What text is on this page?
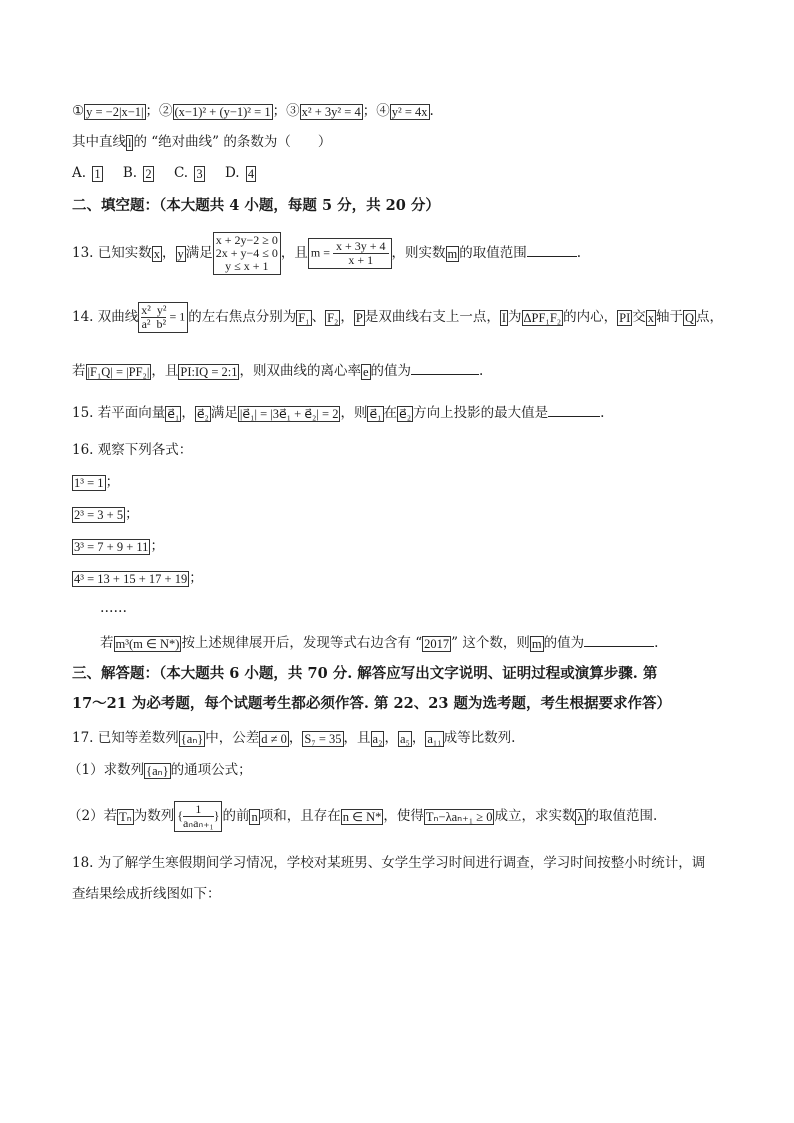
① y = −2|x−1| ；② (x−1)² + (y−1)² = 1 ；③ x² + 3y² = 4 ；④ y² = 4x .
其中直线 l 的 “绝对曲线” 的条数为（　　）
A. 1 B. 2 C. 3 D. 4
二、填空题：（本大题共 4 小题，每题 5 分，共 20 分）
13. 已知实数 x ， y 满足
x + 2y−2 ≥ 0
2x + y−4 ≤ 0
y ≤ x + 1
，且 $m = \frac{x + 3y + 4}{x + 1}$ ，则实数 m 的取值范围	.
14. 双曲线 $\frac{\text{x² y²}}{\text{a² b²}} = 1$ 的左右焦点分别为 F₁ 、 F₂ ， P 是双曲线右支上一点， I 为 ΔPF₁F₂ 的内心， PI 交 x 轴于 Q 点，
若 |F₁Q| = |PF₂| ，且 PI:IQ = 2:1 ，则双曲线的离心率 e 的值为	.
15. 若平面向量 e⃗₁ ， e⃗₂ 满足 |e⃗₁| = |3e⃗₁ + e⃗₂| = 2 ，则 e⃗₁ 在 e⃗₂ 方向上投影的最大值是	.
16. 观察下列各式：
1³ = 1 ；
2³ = 3 + 5 ；
3³ = 7 + 9 + 11 ；
4³ = 13 + 15 + 17 + 19 ；
……
若 m³(m ∈ N*) 按上述规律展开后，发现等式右边含有 “ 2017 ” 这个数，则 m 的值为	.
三、解答题：（本大题共 6 小题，共 70 分. 解答应写出文字说明、证明过程或演算步骤. 第
17～21 为必考题，每个试题考生都必须作答. 第 22、23 题为选考题，考生根据要求作答）
17. 已知等差数列 {aₙ} 中，公差 d ≠ 0 ， S₇ = 35 ，且 a₂ ， a₅ ， a₁₁ 成等比数列.
（1）求数列 {aₙ} 的通项公式；
（2）若 Tₙ 为数列 {	1
aₙaₙ₊₁
} 的前 n 项和，且存在 n ∈ N* ，使得 Tₙ−λaₙ₊₁ ≥ 0 成立，求实数 λ 的取值范围.
18. 为了解学生寒假期间学习情况，学校对某班男、女学生学习时间进行调查，学习时间按整小时统计，调
查结果绘成折线图如下：
